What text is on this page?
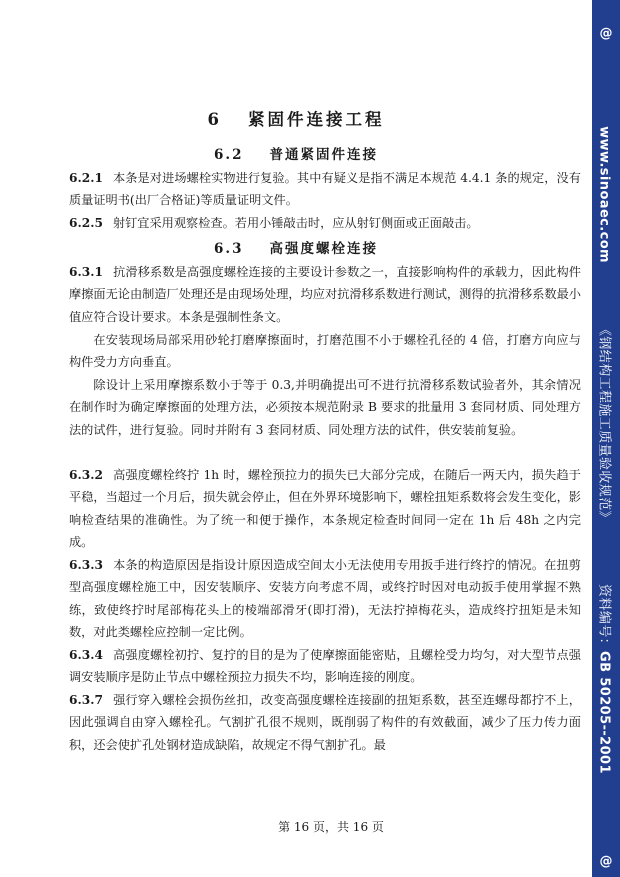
6 紧固件连接工程
6.2 普通紧固件连接

6.2.1 本条是对进场螺栓实物进行复验。其中有疑义是指不满足本规范 4.4.1 条的规定，没有质量证明书(出厂合格证)等质量证明文件。

6.2.5 射钉宜采用观察检查。若用小锤敲击时，应从射钉侧面或正面敲击。

6.3 高强度螺栓连接

6.3.1 抗滑移系数是高强度螺栓连接的主要设计参数之一，直接影响构件的承载力，因此构件摩擦面无论由制造厂处理还是由现场处理，均应对抗滑移系数进行测试，测得的抗滑移系数最小值应符合设计要求。本条是强制性条文。

在安装现场局部采用砂轮打磨摩擦面时，打磨范围不小于螺栓孔径的 4 倍，打磨方向应与构件受力方向垂直。

除设计上采用摩擦系数小于等于 0.3,并明确提出可不进行抗滑移系数试验者外，其余情况在制作时为确定摩擦面的处理方法，必须按本规范附录 B 要求的批量用 3 套同材质、同处理方法的试件，进行复验。同时并附有 3 套同材质、同处理方法的试件，供安装前复验。

6.3.2 高强度螺栓终拧 1h 时，螺栓预拉力的损失已大部分完成，在随后一两天内，损失趋于平稳，当超过一个月后，损失就会停止，但在外界环境影响下，螺栓扭矩系数将会发生变化，影响检查结果的准确性。为了统一和便于操作，本条规定检查时间同一定在 1h 后 48h 之内完成。

6.3.3 本条的构造原因是指设计原因造成空间太小无法使用专用扳手进行终拧的情况。在扭剪型高强度螺栓施工中，因安装顺序、安装方向考虑不周，或终拧时因对电动扳手使用掌握不熟练，致使终拧时尾部梅花头上的棱端部滑牙(即打滑)，无法拧掉梅花头，造成终拧扭矩是未知数，对此类螺栓应控制一定比例。

6.3.4 高强度螺栓初拧、复拧的目的是为了使摩擦面能密贴，且螺栓受力均匀，对大型节点强调安装顺序是防止节点中螺栓预拉力损失不均，影响连接的刚度。

6.3.7 强行穿入螺栓会损伤丝扣，改变高强度螺栓连接副的扭矩系数，甚至连螺母都拧不上，因此强调自由穿入螺栓孔。气割扩孔很不规则，既削弱了构件的有效截面，减少了压力传力面积，还会使扩孔处钢材造成缺陷，故规定不得气割扩孔。最

第 16 页，共 16 页
@
www.sinoaec.com《钢结构工程施工质量验收规范》资料编号：GB 50205--2001
@
